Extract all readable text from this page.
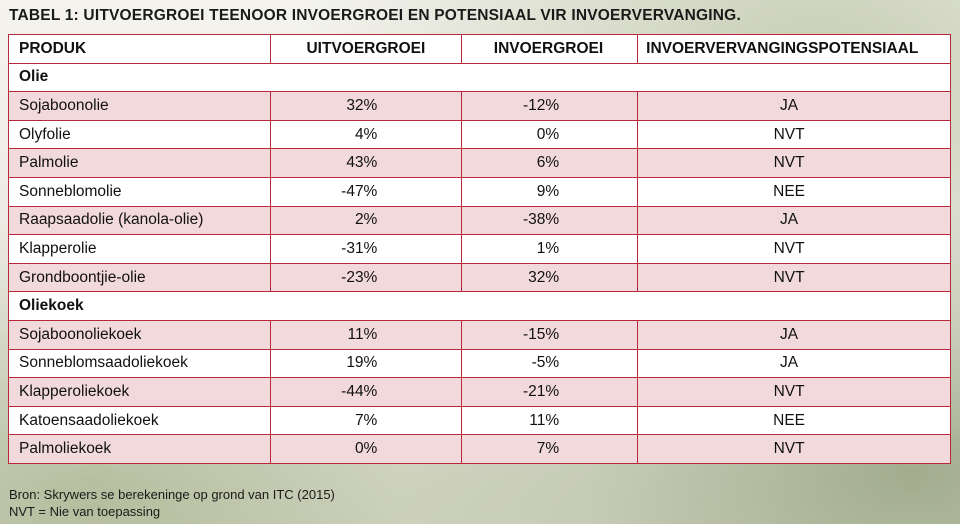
TABEL 1: UITVOERGROEI TEENOOR INVOERGROEI EN POTENSIAAL VIR INVOERVERVANGING.
PRODUK	UITVOERGROEI	INVOERGROEI	INVOERVERVANGINGSPOTENSIAAL
Olie			
Sojaboonolie	32%	-12%	JA
Olyfolie	4%	0%	NVT
Palmolie	43%	6%	NVT
Sonneblomolie	-47%	9%	NEE
Raapsaadolie (kanola-olie)	2%	-38%	JA
Klapperolie	-31%	1%	NVT
Grondboontjie-olie	-23%	32%	NVT
Oliekoek			
Sojaboonoliekoek	11%	-15%	JA
Sonneblomsaadoliekoek	19%	-5%	JA
Klapperoliekoek	-44%	-21%	NVT
Katoensaadoliekoek	7%	11%	NEE
Palmoliekoek	0%	7%	NVT
Bron: Skrywers se berekeninge op grond van ITC (2015)
NVT = Nie van toepassing
